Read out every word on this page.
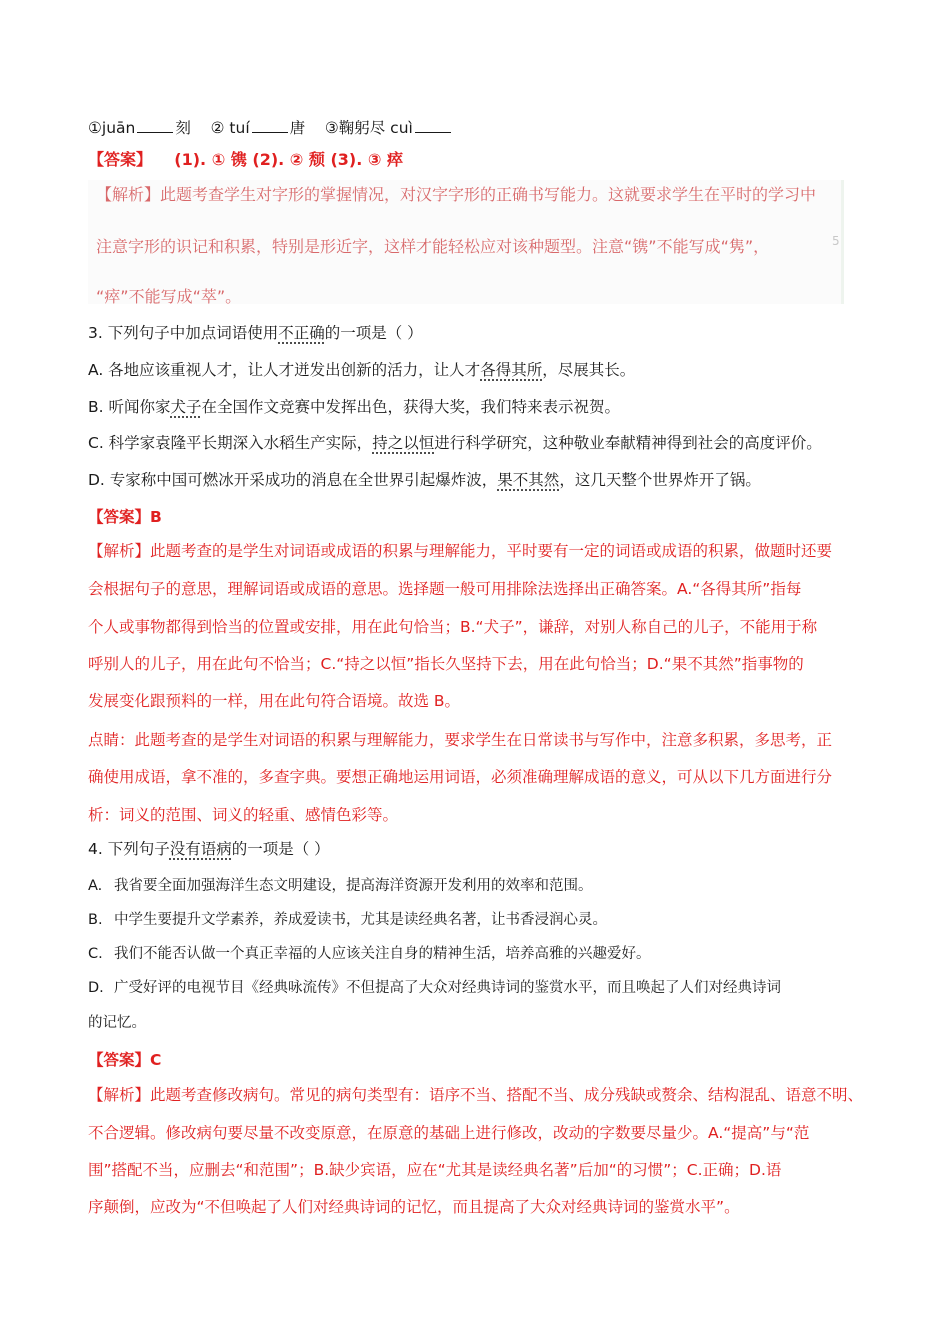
①juān	刻 ② tuí	唐 ③鞠躬尽 cuì
【答案】 (1). ① 镌 (2). ② 颓 (3). ③ 瘁
【解析】此题考查学生对字形的掌握情况，对汉字字形的正确书写能力。这就要求学生在平时的学习中
注意字形的识记和积累，特别是形近字，这样才能轻松应对该种题型。注意“镌”不能写成“隽”，	5
“瘁”不能写成“萃”。
3. 下列句子中加点词语使用不正确的一项是（ ）
A. 各地应该重视人才，让人才迸发出创新的活力，让人才各得其所，尽展其长。
B. 听闻你家犬子在全国作文竞赛中发挥出色，获得大奖，我们特来表示祝贺。
C. 科学家袁隆平长期深入水稻生产实际，持之以恒进行科学研究，这种敬业奉献精神得到社会的高度评价。
D. 专家称中国可燃冰开采成功的消息在全世界引起爆炸波，果不其然，这几天整个世界炸开了锅。
【答案】B
【解析】此题考查的是学生对词语或成语的积累与理解能力，平时要有一定的词语或成语的积累，做题时还要
会根据句子的意思，理解词语或成语的意思。选择题一般可用排除法选择出正确答案。A.“各得其所”指每
个人或事物都得到恰当的位置或安排，用在此句恰当；B.“犬子”，谦辞，对别人称自己的儿子，不能用于称
呼别人的儿子，用在此句不恰当；C.“持之以恒”指长久坚持下去，用在此句恰当；D.“果不其然”指事物的
发展变化跟预料的一样，用在此句符合语境。故选 B。
点睛：此题考查的是学生对词语的积累与理解能力，要求学生在日常读书与写作中，注意多积累，多思考，正
确使用成语，拿不准的，多查字典。要想正确地运用词语，必须准确理解成语的意义，可从以下几方面进行分
析：词义的范围、词义的轻重、感情色彩等。
4. 下列句子没有语病的一项是（ ）
A. 我省要全面加强海洋生态文明建设，提高海洋资源开发利用的效率和范围。
B. 中学生要提升文学素养，养成爱读书，尤其是读经典名著，让书香浸润心灵。
C. 我们不能否认做一个真正幸福的人应该关注自身的精神生活，培养高雅的兴趣爱好。
D. 广受好评的电视节目《经典咏流传》不但提高了大众对经典诗词的鉴赏水平，而且唤起了人们对经典诗词
的记忆。
【答案】C
【解析】此题考查修改病句。常见的病句类型有：语序不当、搭配不当、成分残缺或赘余、结构混乱、语意不明、
不合逻辑。修改病句要尽量不改变原意，在原意的基础上进行修改，改动的字数要尽量少。A.“提高”与“范
围”搭配不当，应删去“和范围”；B.缺少宾语，应在“尤其是读经典名著”后加“的习惯”；C.正确；D.语
序颠倒，应改为“不但唤起了人们对经典诗词的记忆，而且提高了大众对经典诗词的鉴赏水平”。
